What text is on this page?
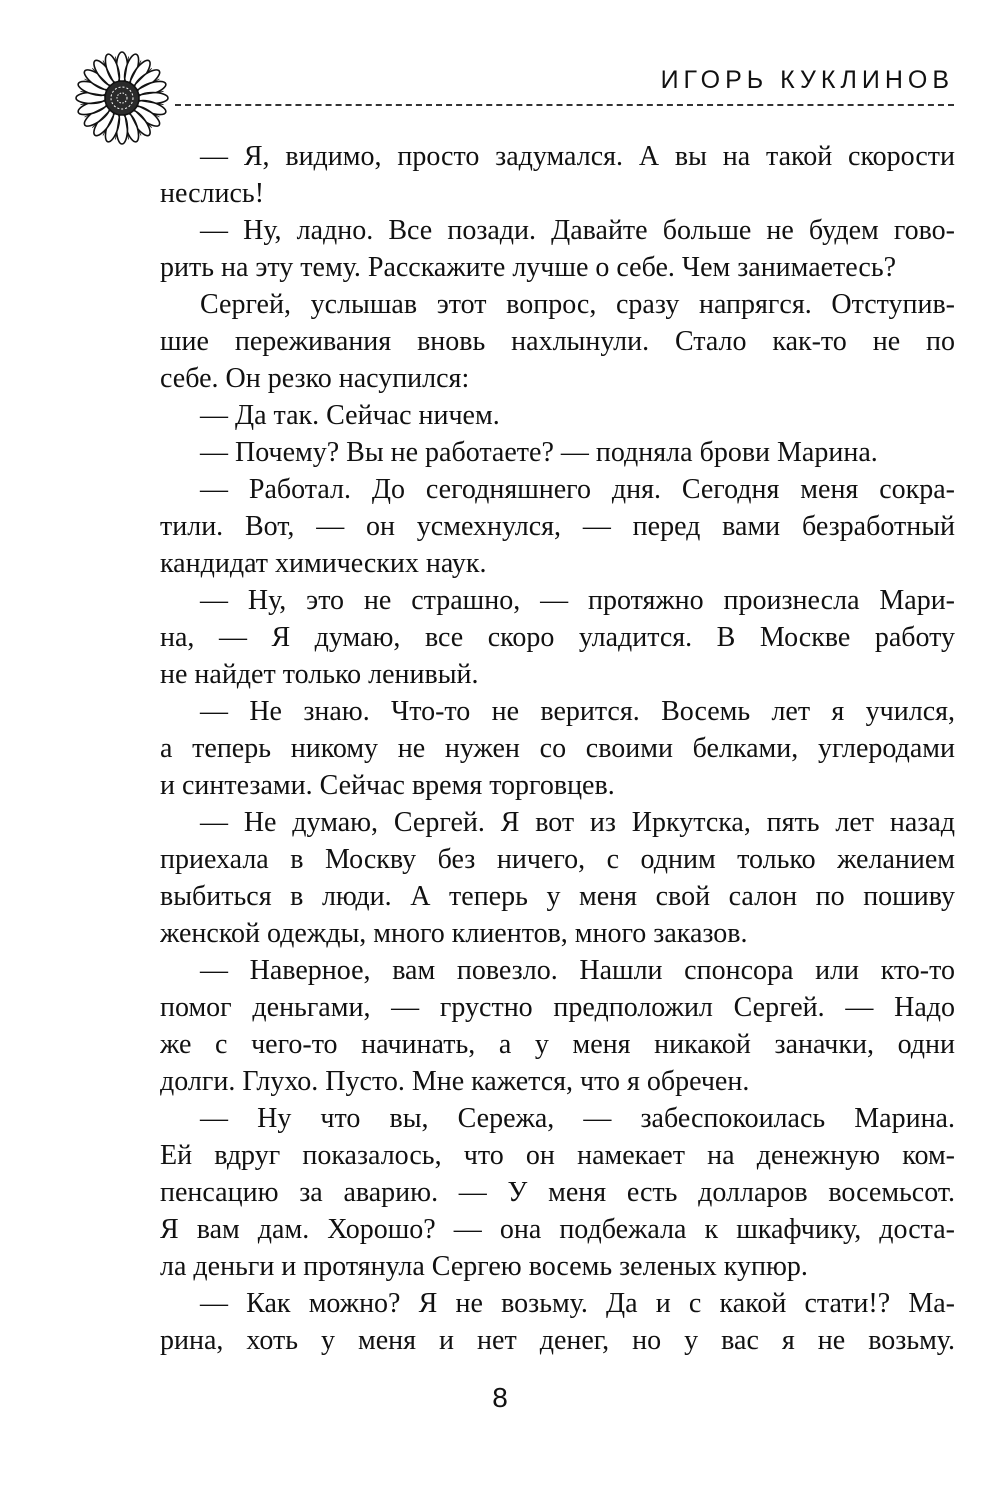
ИГОРЬ КУКЛИНОВ
— Я, видимо, просто задумался. А вы на такой скорости
неслись!
— Ну, ладно. Все позади. Давайте больше не будем гово-
рить на эту тему. Расскажите лучше о себе. Чем занимаетесь?
Сергей, услышав этот вопрос, сразу напрягся. Отступив-
шие переживания вновь нахлынули. Стало как-то не по
себе. Он резко насупился:
— Да так. Сейчас ничем.
— Почему? Вы не работаете? — подняла брови Марина.
— Работал. До сегодняшнего дня. Сегодня меня сокра-
тили. Вот, — он усмехнулся, — перед вами безработный
кандидат химических наук.
— Ну, это не страшно, — протяжно произнесла Мари-
на, — Я думаю, все скоро уладится. В Москве работу
не найдет только ленивый.
— Не знаю. Что-то не верится. Восемь лет я учился,
а теперь никому не нужен со своими белками, углеродами
и синтезами. Сейчас время торговцев.
— Не думаю, Сергей. Я вот из Иркутска, пять лет назад
приехала в Москву без ничего, с одним только желанием
выбиться в люди. А теперь у меня свой салон по пошиву
женской одежды, много клиентов, много заказов.
— Наверное, вам повезло. Нашли спонсора или кто-то
помог деньгами, — грустно предположил Сергей. — Надо
же с чего-то начинать, а у меня никакой заначки, одни
долги. Глухо. Пусто. Мне кажется, что я обречен.
— Ну что вы, Сережа, — забеспокоилась Марина.
Ей вдруг показалось, что он намекает на денежную ком-
пенсацию за аварию. — У меня есть долларов восемьсот.
Я вам дам. Хорошо? — она подбежала к шкафчику, доста-
ла деньги и протянула Сергею восемь зеленых купюр.
— Как можно? Я не возьму. Да и с какой стати!? Ма-
рина, хоть у меня и нет денег, но у вас я не возьму.
8
